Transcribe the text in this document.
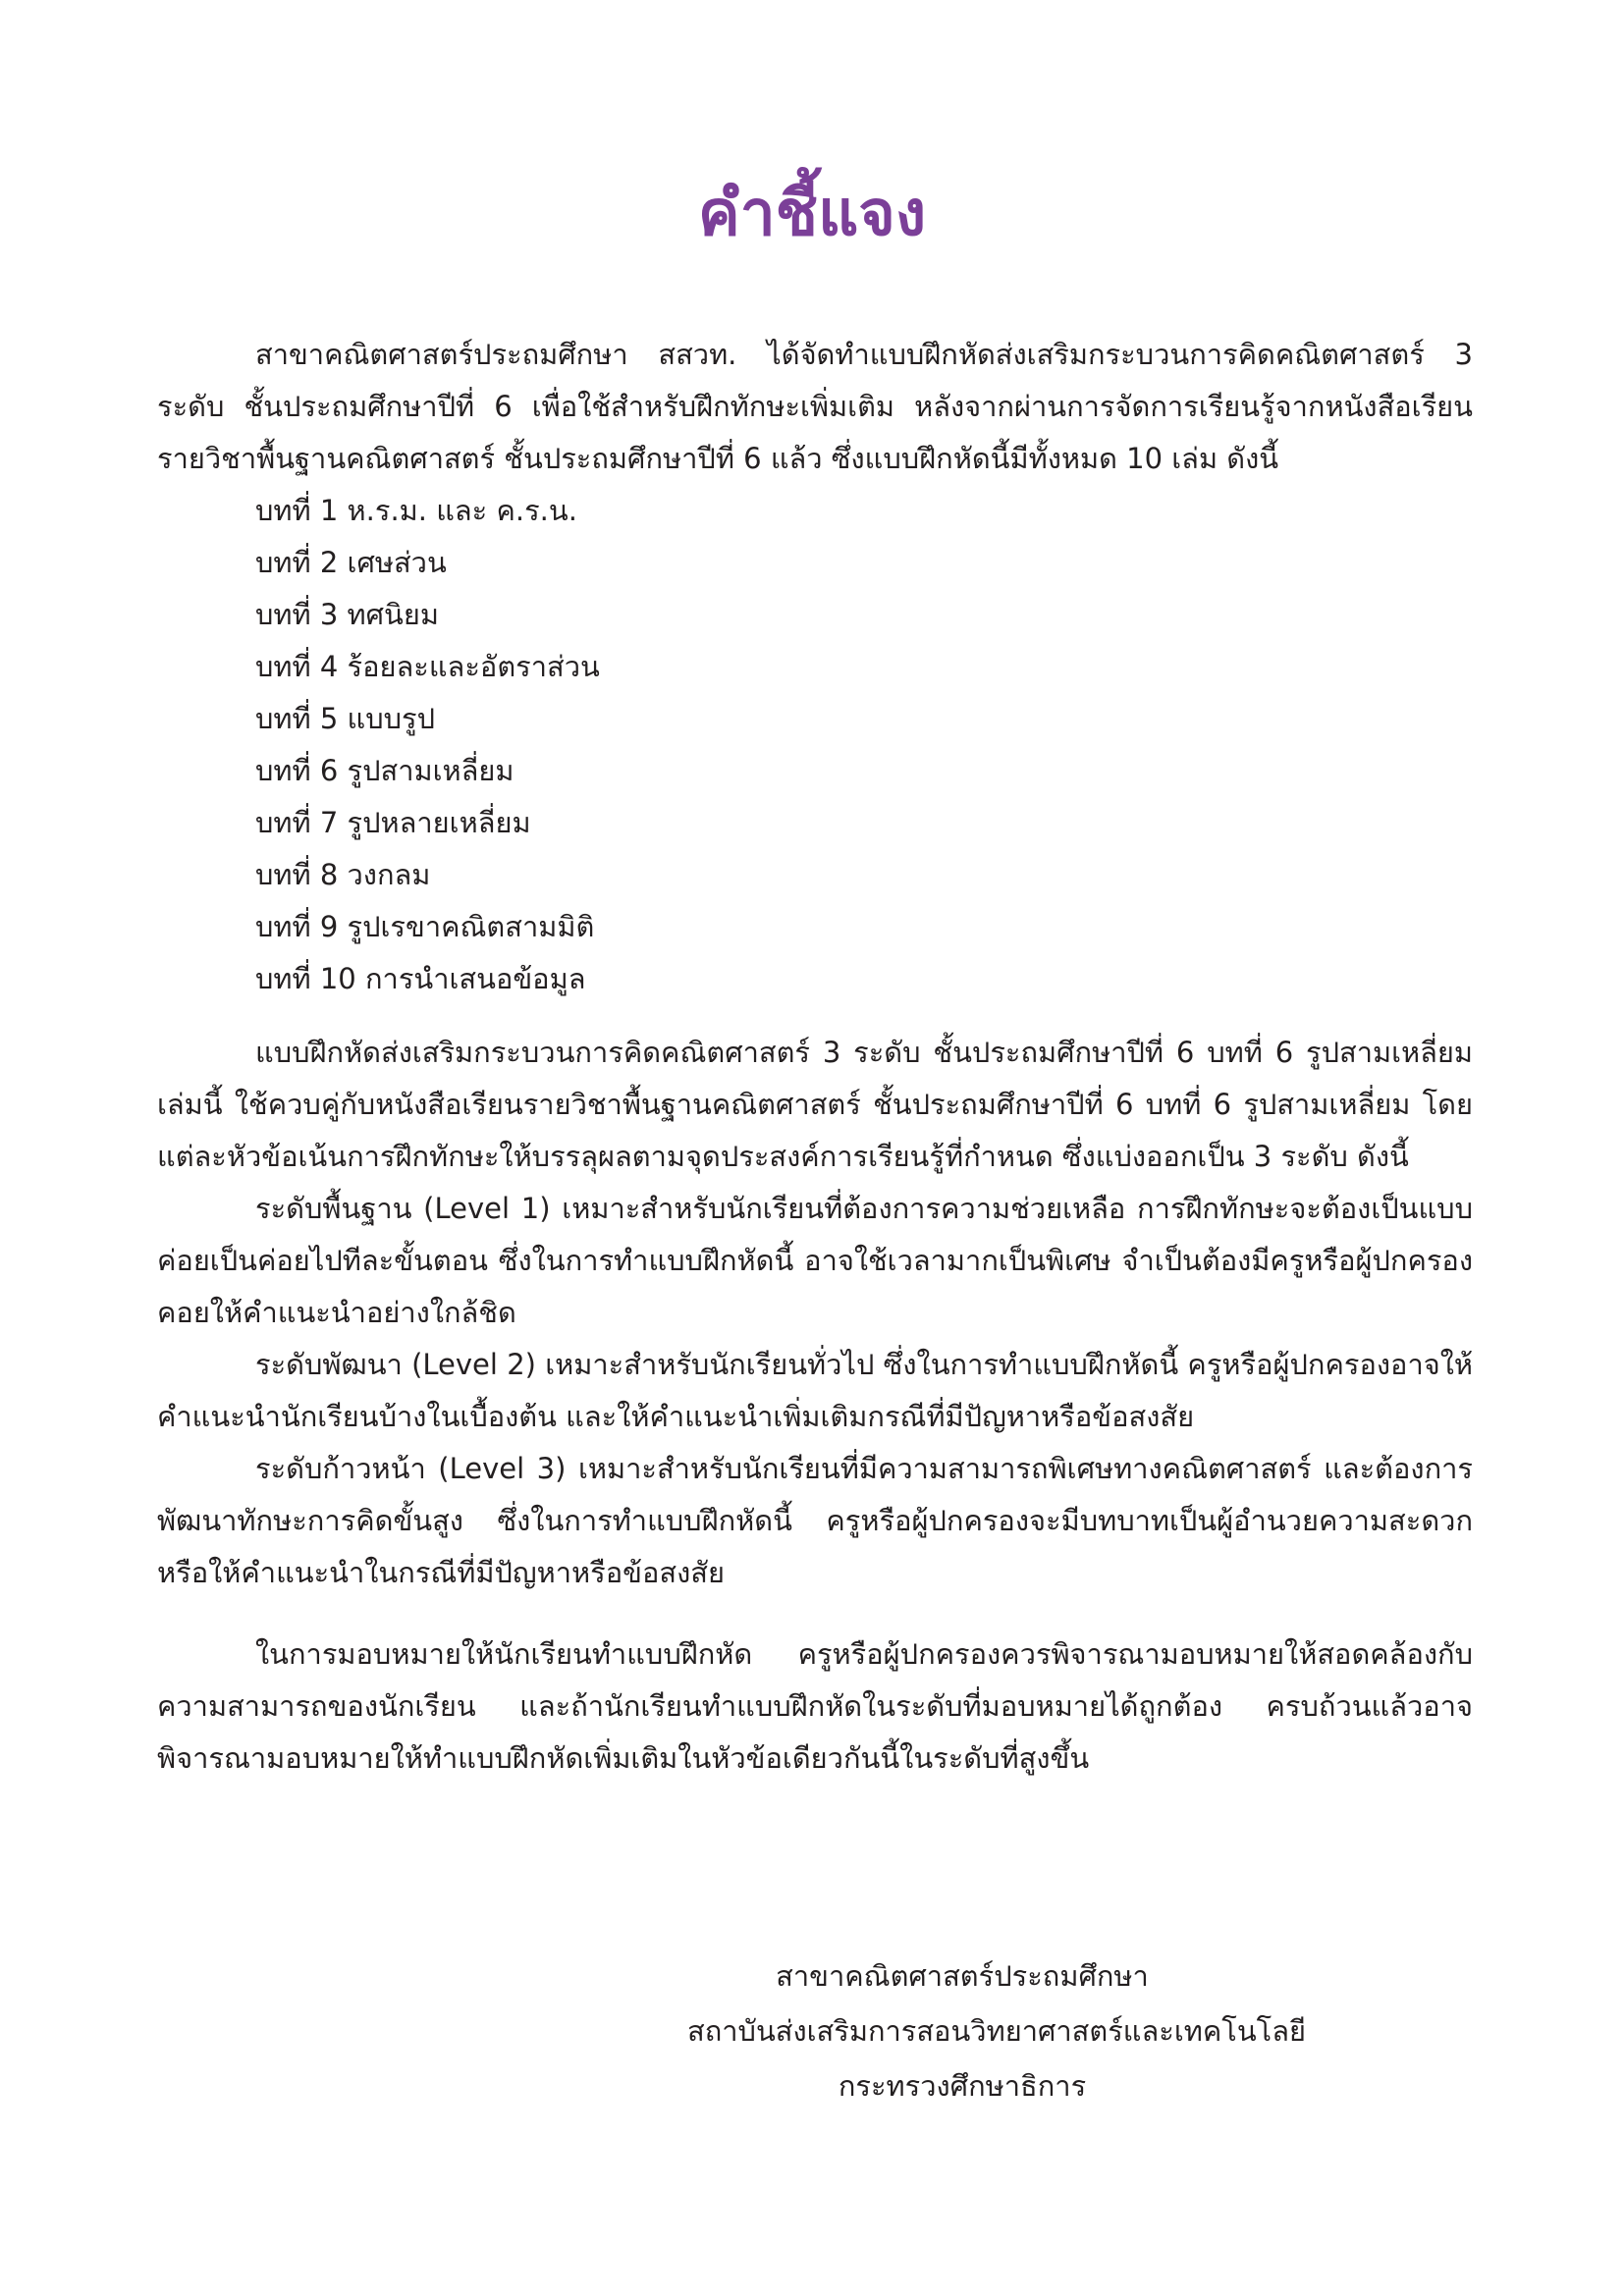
คำชี้แจง

สาขาคณิตศาสตร์ประถมศึกษา สสวท. ได้จัดทำแบบฝึกหัดส่งเสริมกระบวนการคิดคณิตศาสตร์ 3 ระดับ ชั้นประถมศึกษาปีที่ 6 เพื่อใช้สำหรับฝึกทักษะเพิ่มเติม หลังจากผ่านการจัดการเรียนรู้จากหนังสือเรียนรายวิชาพื้นฐานคณิตศาสตร์ ชั้นประถมศึกษาปีที่ 6 แล้ว ซึ่งแบบฝึกหัดนี้มีทั้งหมด 10 เล่ม ดังนี้

บทที่ 1 ห.ร.ม. และ ค.ร.น.
บทที่ 2 เศษส่วน
บทที่ 3 ทศนิยม
บทที่ 4 ร้อยละและอัตราส่วน
บทที่ 5 แบบรูป
บทที่ 6 รูปสามเหลี่ยม
บทที่ 7 รูปหลายเหลี่ยม
บทที่ 8 วงกลม
บทที่ 9 รูปเรขาคณิตสามมิติ
บทที่ 10 การนำเสนอข้อมูล

แบบฝึกหัดส่งเสริมกระบวนการคิดคณิตศาสตร์ 3 ระดับ ชั้นประถมศึกษาปีที่ 6 บทที่ 6 รูปสามเหลี่ยม เล่มนี้ ใช้ควบคู่กับหนังสือเรียนรายวิชาพื้นฐานคณิตศาสตร์ ชั้นประถมศึกษาปีที่ 6 บทที่ 6 รูปสามเหลี่ยม โดยแต่ละหัวข้อเน้นการฝึกทักษะให้บรรลุผลตามจุดประสงค์การเรียนรู้ที่กำหนด ซึ่งแบ่งออกเป็น 3 ระดับ ดังนี้

ระดับพื้นฐาน (Level 1) เหมาะสำหรับนักเรียนที่ต้องการความช่วยเหลือ การฝึกทักษะจะต้องเป็นแบบค่อยเป็นค่อยไปทีละขั้นตอน ซึ่งในการทำแบบฝึกหัดนี้ อาจใช้เวลามากเป็นพิเศษ จำเป็นต้องมีครูหรือผู้ปกครองคอยให้คำแนะนำอย่างใกล้ชิด

ระดับพัฒนา (Level 2) เหมาะสำหรับนักเรียนทั่วไป ซึ่งในการทำแบบฝึกหัดนี้ ครูหรือผู้ปกครองอาจให้คำแนะนำนักเรียนบ้างในเบื้องต้น และให้คำแนะนำเพิ่มเติมกรณีที่มีปัญหาหรือข้อสงสัย

ระดับก้าวหน้า (Level 3) เหมาะสำหรับนักเรียนที่มีความสามารถพิเศษทางคณิตศาสตร์ และต้องการพัฒนาทักษะการคิดขั้นสูง ซึ่งในการทำแบบฝึกหัดนี้ ครูหรือผู้ปกครองจะมีบทบาทเป็นผู้อำนวยความสะดวกหรือให้คำแนะนำในกรณีที่มีปัญหาหรือข้อสงสัย

ในการมอบหมายให้นักเรียนทำแบบฝึกหัด ครูหรือผู้ปกครองควรพิจารณามอบหมายให้สอดคล้องกับความสามารถของนักเรียน และถ้านักเรียนทำแบบฝึกหัดในระดับที่มอบหมายได้ถูกต้อง ครบถ้วนแล้วอาจพิจารณามอบหมายให้ทำแบบฝึกหัดเพิ่มเติมในหัวข้อเดียวกันนี้ในระดับที่สูงขึ้น

สาขาคณิตศาสตร์ประถมศึกษา
สถาบันส่งเสริมการสอนวิทยาศาสตร์และเทคโนโลยี
กระทรวงศึกษาธิการ
